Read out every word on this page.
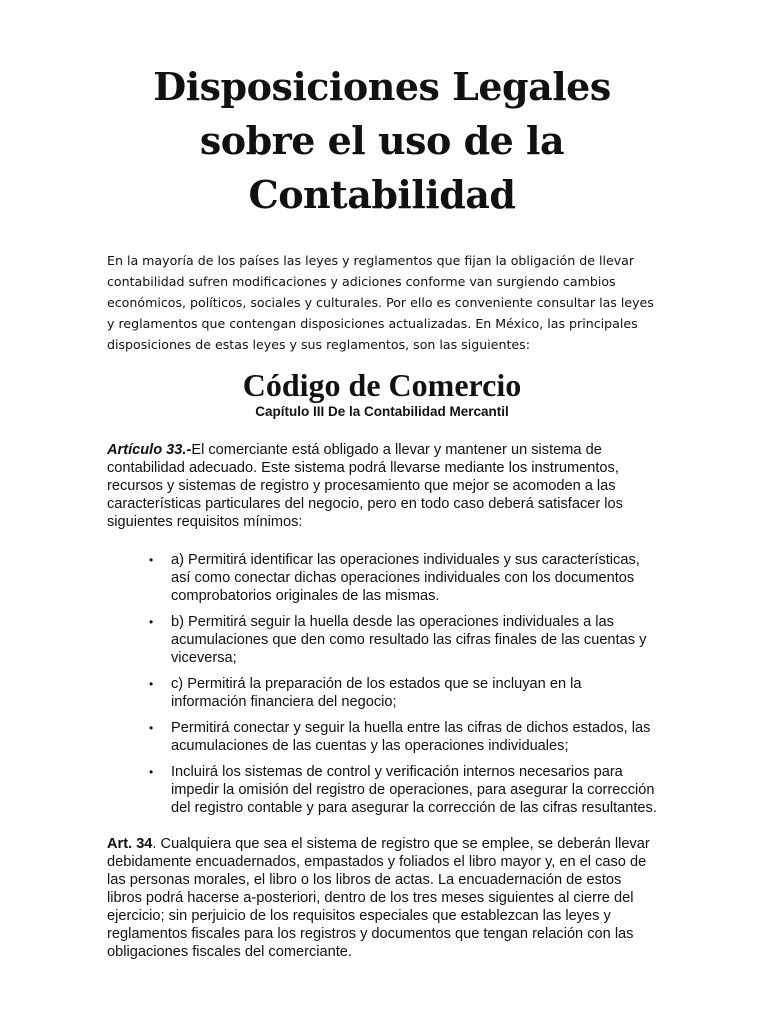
Disposiciones Legales sobre el uso de la Contabilidad

En la mayoría de los países las leyes y reglamentos que fijan la obligación de llevar contabilidad sufren modificaciones y adiciones conforme van surgiendo cambios económicos, políticos, sociales y culturales. Por ello es conveniente consultar las leyes y reglamentos que contengan disposiciones actualizadas. En México, las principales disposiciones de estas leyes y sus reglamentos, son las siguientes:

Código de Comercio
Capítulo III De la Contabilidad Mercantil

Artículo 33.-El comerciante está obligado a llevar y mantener un sistema de contabilidad adecuado. Este sistema podrá llevarse mediante los instrumentos, recursos y sistemas de registro y procesamiento que mejor se acomoden a las características particulares del negocio, pero en todo caso deberá satisfacer los siguientes requisitos mínimos:

• a) Permitirá identificar las operaciones individuales y sus características, así como conectar dichas operaciones individuales con los documentos comprobatorios originales de las mismas.
• b) Permitirá seguir la huella desde las operaciones individuales a las acumulaciones que den como resultado las cifras finales de las cuentas y viceversa;
• c) Permitirá la preparación de los estados que se incluyan en la información financiera del negocio;
• Permitirá conectar y seguir la huella entre las cifras de dichos estados, las acumulaciones de las cuentas y las operaciones individuales;
• Incluirá los sistemas de control y verificación internos necesarios para impedir la omisión del registro de operaciones, para asegurar la corrección del registro contable y para asegurar la corrección de las cifras resultantes.

Art. 34. Cualquiera que sea el sistema de registro que se emplee, se deberán llevar debidamente encuadernados, empastados y foliados el libro mayor y, en el caso de las personas morales, el libro o los libros de actas. La encuadernación de estos libros podrá hacerse a-posteriori, dentro de los tres meses siguientes al cierre del ejercicio; sin perjuicio de los requisitos especiales que establezcan las leyes y reglamentos fiscales para los registros y documentos que tengan relación con las obligaciones fiscales del comerciante.
